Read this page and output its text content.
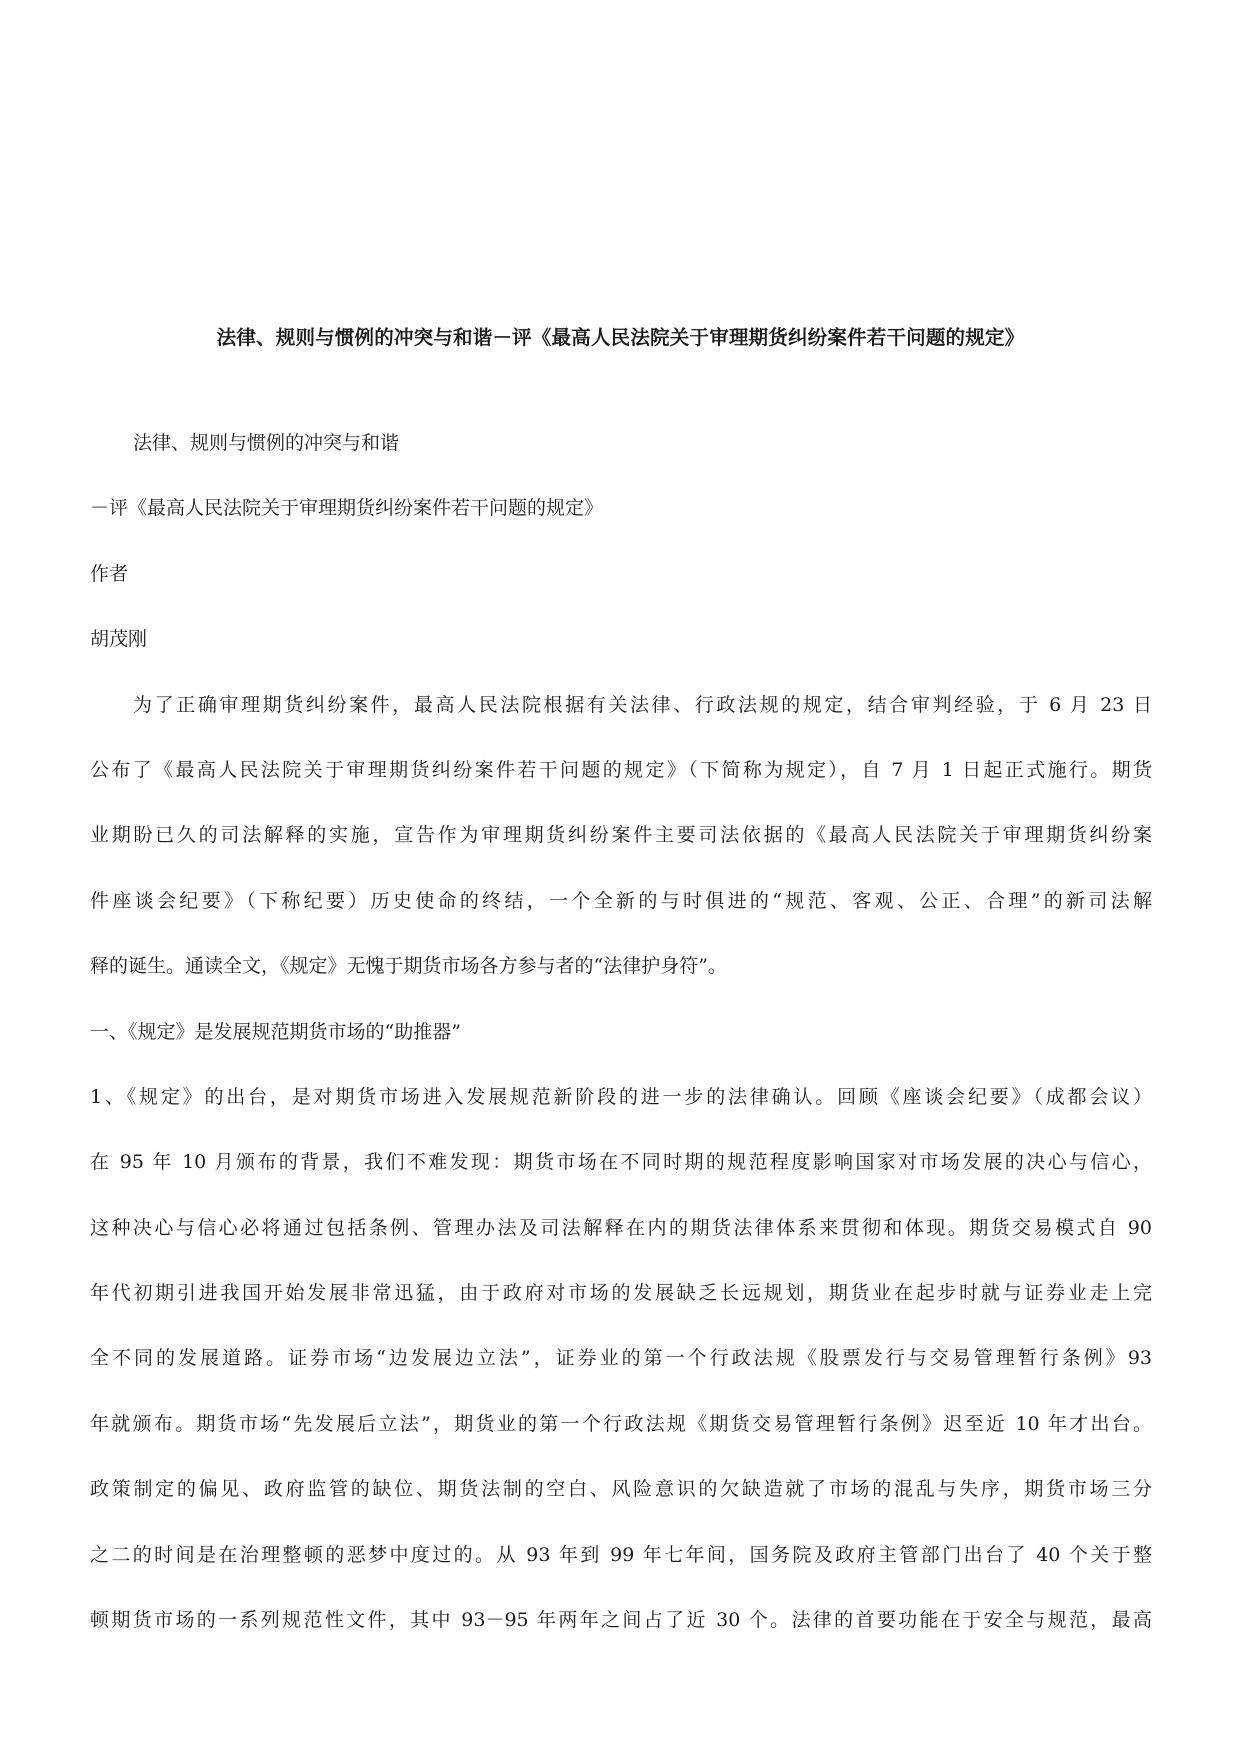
法律、规则与惯例的冲突与和谐－评《最高人民法院关于审理期货纠纷案件若干问题的规定》
法律、规则与惯例的冲突与和谐
－评《最高人民法院关于审理期货纠纷案件若干问题的规定》
作者
胡茂刚
为了正确审理期货纠纷案件，最高人民法院根据有关法律、行政法规的规定，结合审判经验，于 6 月 23 日
公布了《最高人民法院关于审理期货纠纷案件若干问题的规定》（下简称为规定），自 7 月 1 日起正式施行。期货
业期盼已久的司法解释的实施，宣告作为审理期货纠纷案件主要司法依据的《最高人民法院关于审理期货纠纷案
件座谈会纪要》（下称纪要）历史使命的终结，一个全新的与时俱进的“规范、客观、公正、合理”的新司法解
释的诞生。通读全文，《规定》无愧于期货市场各方参与者的“法律护身符”。
一、《规定》是发展规范期货市场的“助推器”
1、《规定》的出台，是对期货市场进入发展规范新阶段的进一步的法律确认。回顾《座谈会纪要》（成都会议）
在 95 年 10 月颁布的背景，我们不难发现：期货市场在不同时期的规范程度影响国家对市场发展的决心与信心，
这种决心与信心必将通过包括条例、管理办法及司法解释在内的期货法律体系来贯彻和体现。期货交易模式自 90
年代初期引进我国开始发展非常迅猛，由于政府对市场的发展缺乏长远规划，期货业在起步时就与证券业走上完
全不同的发展道路。证券市场“边发展边立法”，证券业的第一个行政法规《股票发行与交易管理暂行条例》93
年就颁布。期货市场“先发展后立法”，期货业的第一个行政法规《期货交易管理暂行条例》迟至近 10 年才出台。
政策制定的偏见、政府监管的缺位、期货法制的空白、风险意识的欠缺造就了市场的混乱与失序，期货市场三分
之二的时间是在治理整顿的恶梦中度过的。从 93 年到 99 年七年间，国务院及政府主管部门出台了 40 个关于整
顿期货市场的一系列规范性文件，其中 93－95 年两年之间占了近 30 个。法律的首要功能在于安全与规范，最高
